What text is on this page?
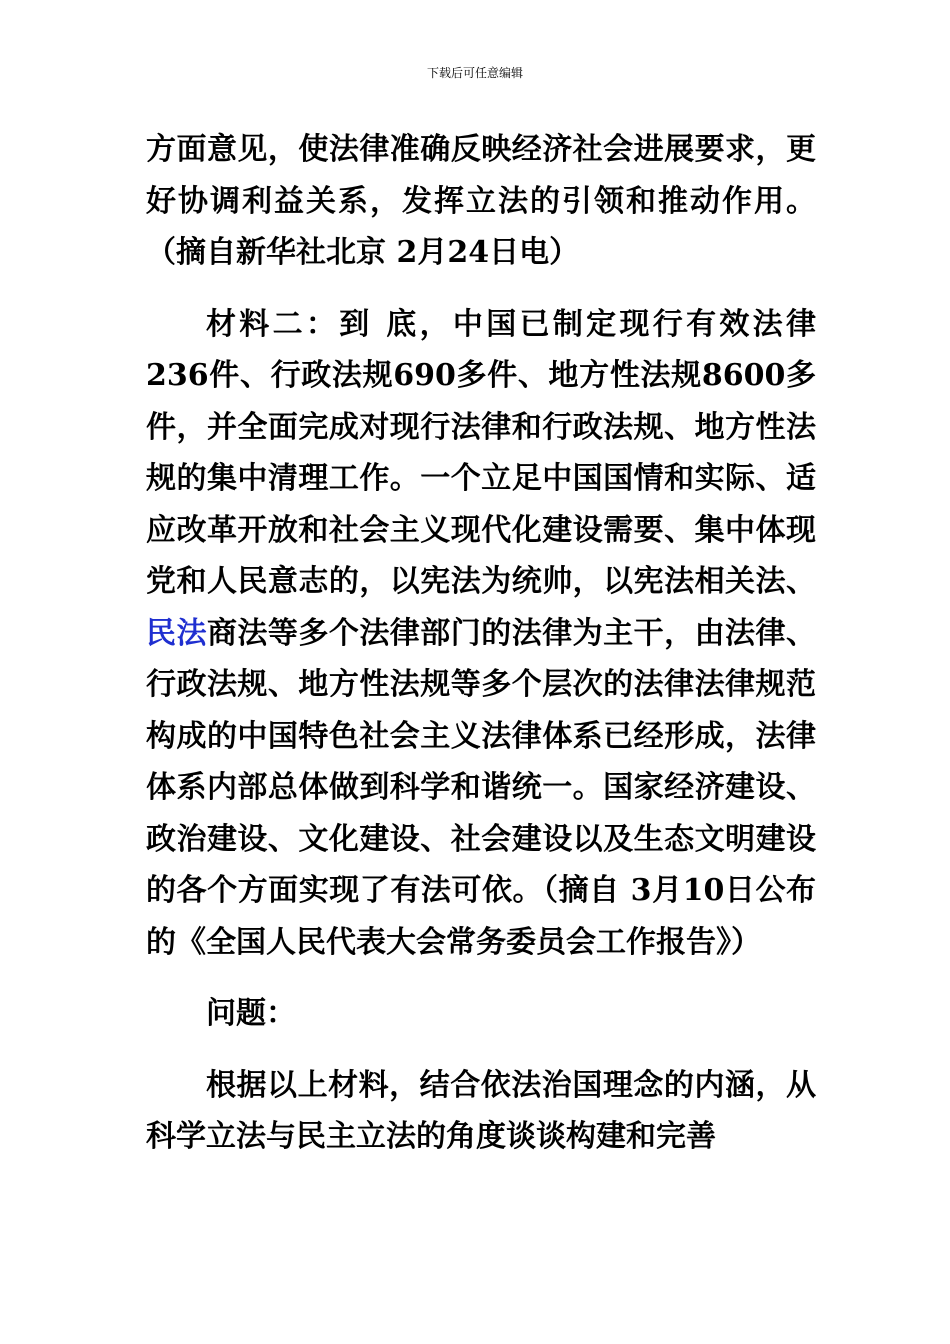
下载后可任意编辑

方面意见，使法律准确反映经济社会进展要求，更好协调利益关系，发挥立法的引领和推动作用。（摘自新华社北京 2月24日电）

材料二：到 底，中国已制定现行有效法律236件、行政法规690多件、地方性法规8600多件，并全面完成对现行法律和行政法规、地方性法规的集中清理工作。一个立足中国国情和实际、适应改革开放和社会主义现代化建设需要、集中体现党和人民意志的，以宪法为统帅，以宪法相关法、民法商法等多个法律部门的法律为主干，由法律、行政法规、地方性法规等多个层次的法律法律规范构成的中国特色社会主义法律体系已经形成，法律体系内部总体做到科学和谐统一。国家经济建设、政治建设、文化建设、社会建设以及生态文明建设的各个方面实现了有法可依。（摘自 3月10日公布的《全国人民代表大会常务委员会工作报告》）

问题：

根据以上材料，结合依法治国理念的内涵，从科学立法与民主立法的角度谈谈构建和完善
